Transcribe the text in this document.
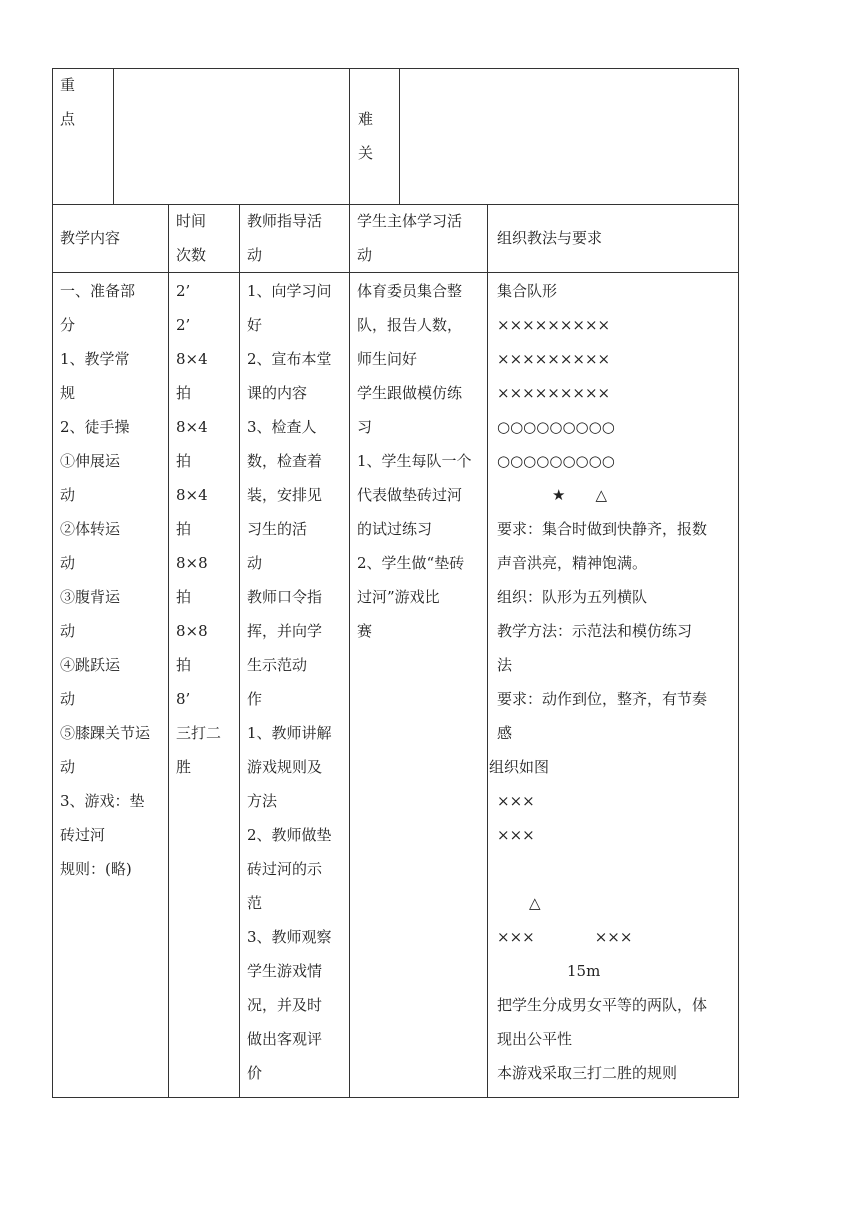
重
点	难
关
教学内容
时间
次数
教师指导活
动
学生主体学习活
动
组织教法与要求
一、准备部
分
1、教学常
规
2、徒手操
①伸展运
动
②体转运
动
③腹背运
动
④跳跃运
动
⑤膝踝关节运
动
3、游戏：垫
砖过河
规则：(略)
2’
2’
8×4
拍
8×4
拍
8×4
拍
8×8
拍
8×8
拍
8’
三打二
胜
1、向学习问
好
2、宣布本堂
课的内容
3、检查人
数，检查着
装，安排见
习生的活
动
教师口令指
挥，并向学
生示范动
作
1、教师讲解
游戏规则及
方法
2、教师做垫
砖过河的示
范
3、教师观察
学生游戏情
况，并及时
做出客观评
价
体育委员集合整
队，报告人数，
师生问好
学生跟做模仿练
习
1、学生每队一个
代表做垫砖过河
的试过练习
2、学生做“垫砖
过河”游戏比
赛
集合队形
×××××××××
×××××××××
×××××××××
○○○○○○○○○
○○○○○○○○○
★　　△
要求：集合时做到快静齐，报数
声音洪亮，精神饱满。
组织：队形为五列横队
教学方法：示范法和模仿练习
法
要求：动作到位，整齐，有节奏
感
组织如图
×××
×××
△
×××　　　　×××
15m
把学生分成男女平等的两队，体
现出公平性
本游戏采取三打二胜的规则
